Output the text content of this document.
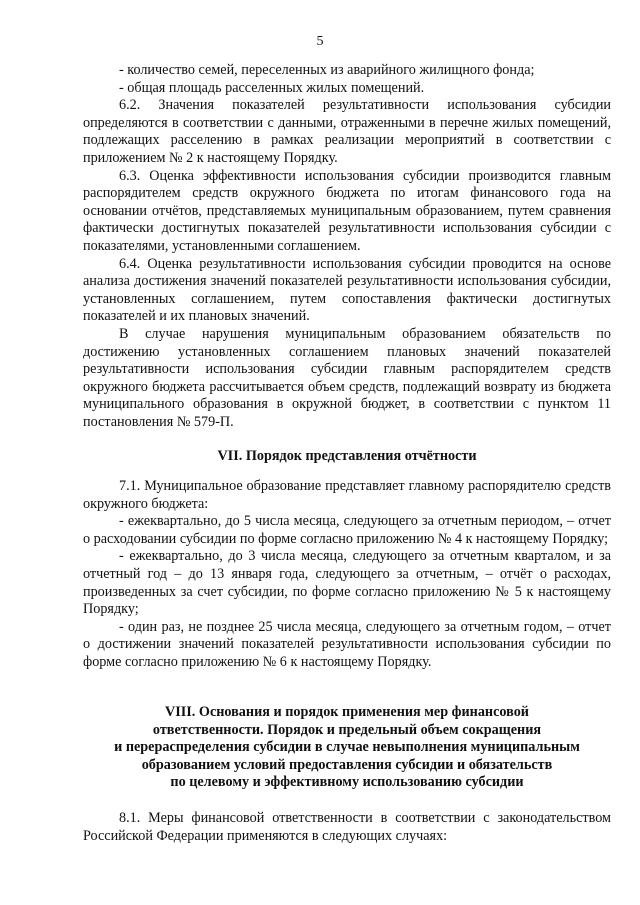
5

- количество семей, переселенных из аварийного жилищного фонда;

- общая площадь расселенных жилых помещений.

6.2. Значения показателей результативности использования субсидии определяются в соответствии с данными, отраженными в перечне жилых помещений, подлежащих расселению в рамках реализации мероприятий в соответствии с приложением № 2 к настоящему Порядку.

6.3. Оценка эффективности использования субсидии производится главным распорядителем средств окружного бюджета по итогам финансового года на основании отчётов, представляемых муниципальным образованием, путем сравнения фактически достигнутых показателей результативности использования субсидии с показателями, установленными соглашением.

6.4. Оценка результативности использования субсидии проводится на основе анализа достижения значений показателей результативности использования субсидии, установленных соглашением, путем сопоставления фактически достигнутых показателей и их плановых значений.

В случае нарушения муниципальным образованием обязательств по достижению установленных соглашением плановых значений показателей результативности использования субсидии главным распорядителем средств окружного бюджета рассчитывается объем средств, подлежащий возврату из бюджета муниципального образования в окружной бюджет, в соответствии с пунктом 11 постановления № 579-П.

VII. Порядок представления отчётности

7.1. Муниципальное образование представляет главному распорядителю средств окружного бюджета:

- ежеквартально, до 5 числа месяца, следующего за отчетным периодом, – отчет о расходовании субсидии по форме согласно приложению № 4 к настоящему Порядку;

- ежеквартально, до 3 числа месяца, следующего за отчетным кварталом, и за отчетный год – до 13 января года, следующего за отчетным, – отчёт о расходах, произведенных за счет субсидии, по форме согласно приложению № 5 к настоящему Порядку;

- один раз, не позднее 25 числа месяца, следующего за отчетным годом, – отчет о достижении значений показателей результативности использования субсидии по форме согласно приложению № 6 к настоящему Порядку.

VIII. Основания и порядок применения мер финансовой
ответственности. Порядок и предельный объем сокращения
и перераспределения субсидии в случае невыполнения муниципальным
образованием условий предоставления субсидии и обязательств
по целевому и эффективному использованию субсидии

8.1. Меры финансовой ответственности в соответствии с законодательством Российской Федерации применяются в следующих случаях:
